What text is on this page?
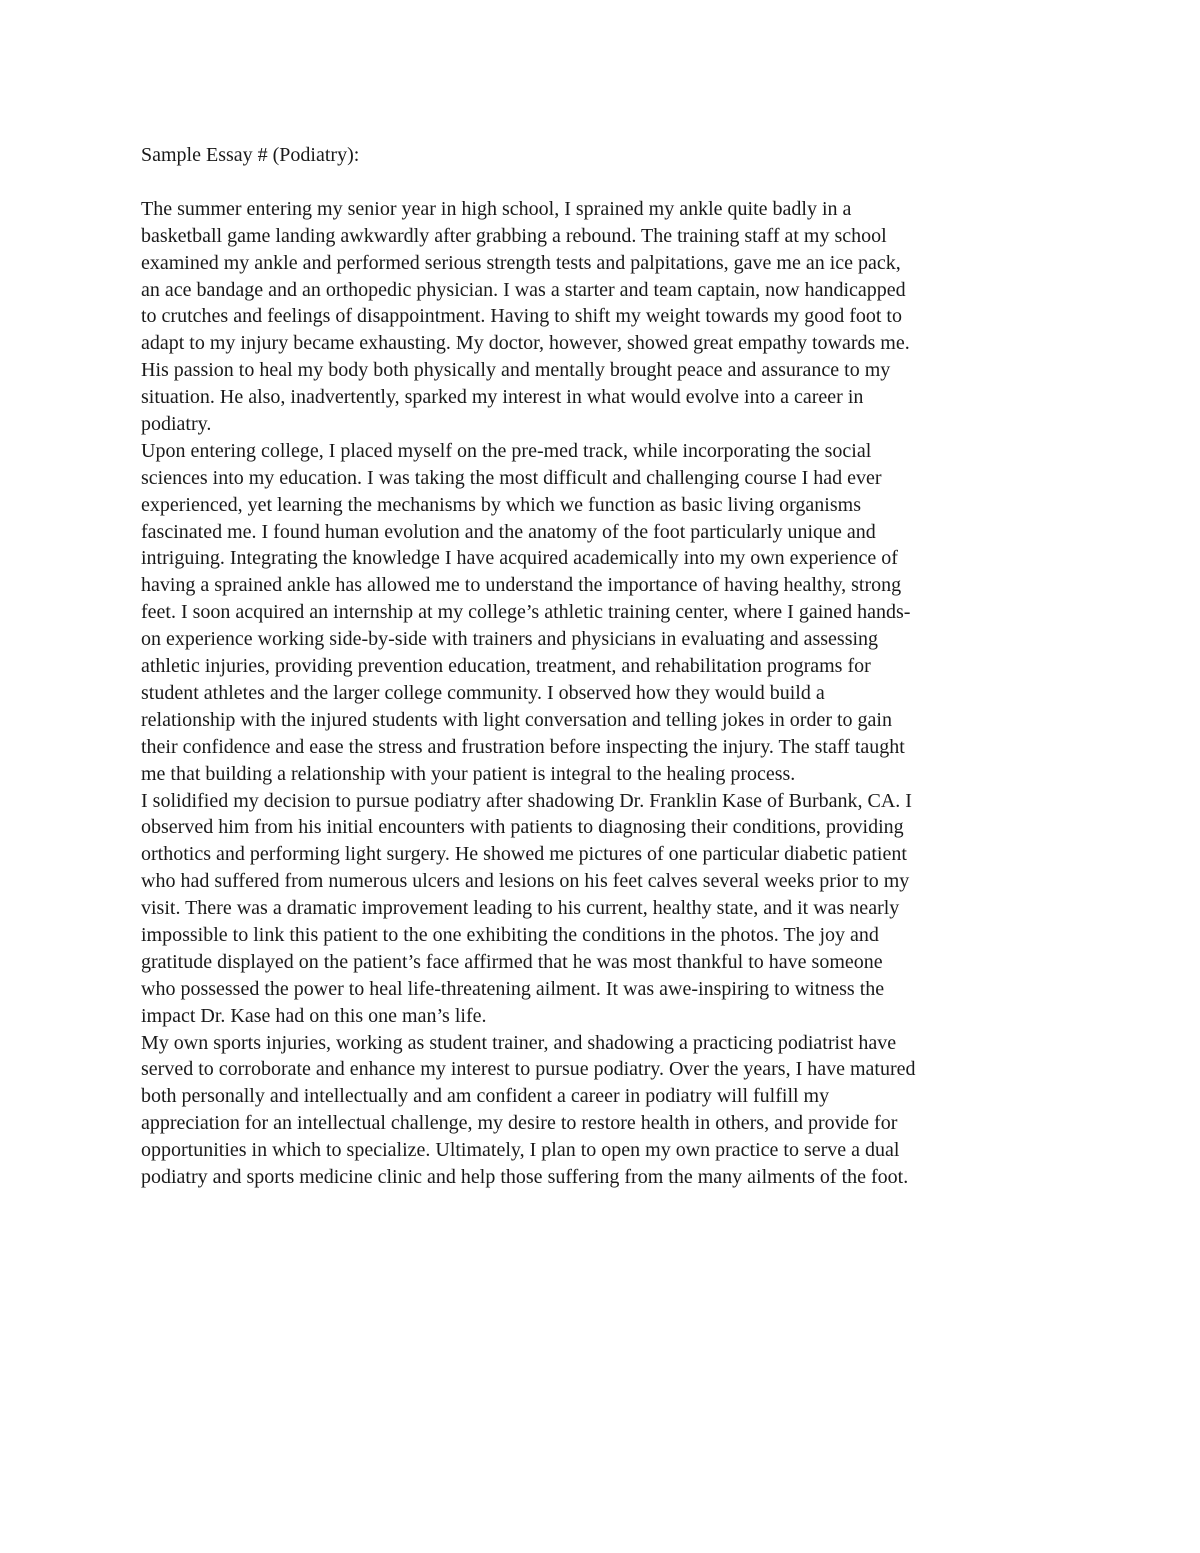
Sample Essay # (Podiatry):
The summer entering my senior year in high school, I sprained my ankle quite badly in a
basketball game landing awkwardly after grabbing a rebound. The training staff at my school
examined my ankle and performed serious strength tests and palpitations, gave me an ice pack,
an ace bandage and an orthopedic physician. I was a starter and team captain, now handicapped
to crutches and feelings of disappointment. Having to shift my weight towards my good foot to
adapt to my injury became exhausting. My doctor, however, showed great empathy towards me.
His passion to heal my body both physically and mentally brought peace and assurance to my
situation. He also, inadvertently, sparked my interest in what would evolve into a career in
podiatry.
Upon entering college, I placed myself on the pre-med track, while incorporating the social
sciences into my education. I was taking the most difficult and challenging course I had ever
experienced, yet learning the mechanisms by which we function as basic living organisms
fascinated me. I found human evolution and the anatomy of the foot particularly unique and
intriguing. Integrating the knowledge I have acquired academically into my own experience of
having a sprained ankle has allowed me to understand the importance of having healthy, strong
feet. I soon acquired an internship at my college’s athletic training center, where I gained hands-
on experience working side-by-side with trainers and physicians in evaluating and assessing
athletic injuries, providing prevention education, treatment, and rehabilitation programs for
student athletes and the larger college community. I observed how they would build a
relationship with the injured students with light conversation and telling jokes in order to gain
their confidence and ease the stress and frustration before inspecting the injury. The staff taught
me that building a relationship with your patient is integral to the healing process.
I solidified my decision to pursue podiatry after shadowing Dr. Franklin Kase of Burbank, CA. I
observed him from his initial encounters with patients to diagnosing their conditions, providing
orthotics and performing light surgery. He showed me pictures of one particular diabetic patient
who had suffered from numerous ulcers and lesions on his feet calves several weeks prior to my
visit. There was a dramatic improvement leading to his current, healthy state, and it was nearly
impossible to link this patient to the one exhibiting the conditions in the photos. The joy and
gratitude displayed on the patient’s face affirmed that he was most thankful to have someone
who possessed the power to heal life-threatening ailment. It was awe-inspiring to witness the
impact Dr. Kase had on this one man’s life.
My own sports injuries, working as student trainer, and shadowing a practicing podiatrist have
served to corroborate and enhance my interest to pursue podiatry. Over the years, I have matured
both personally and intellectually and am confident a career in podiatry will fulfill my
appreciation for an intellectual challenge, my desire to restore health in others, and provide for
opportunities in which to specialize. Ultimately, I plan to open my own practice to serve a dual
podiatry and sports medicine clinic and help those suffering from the many ailments of the foot.
